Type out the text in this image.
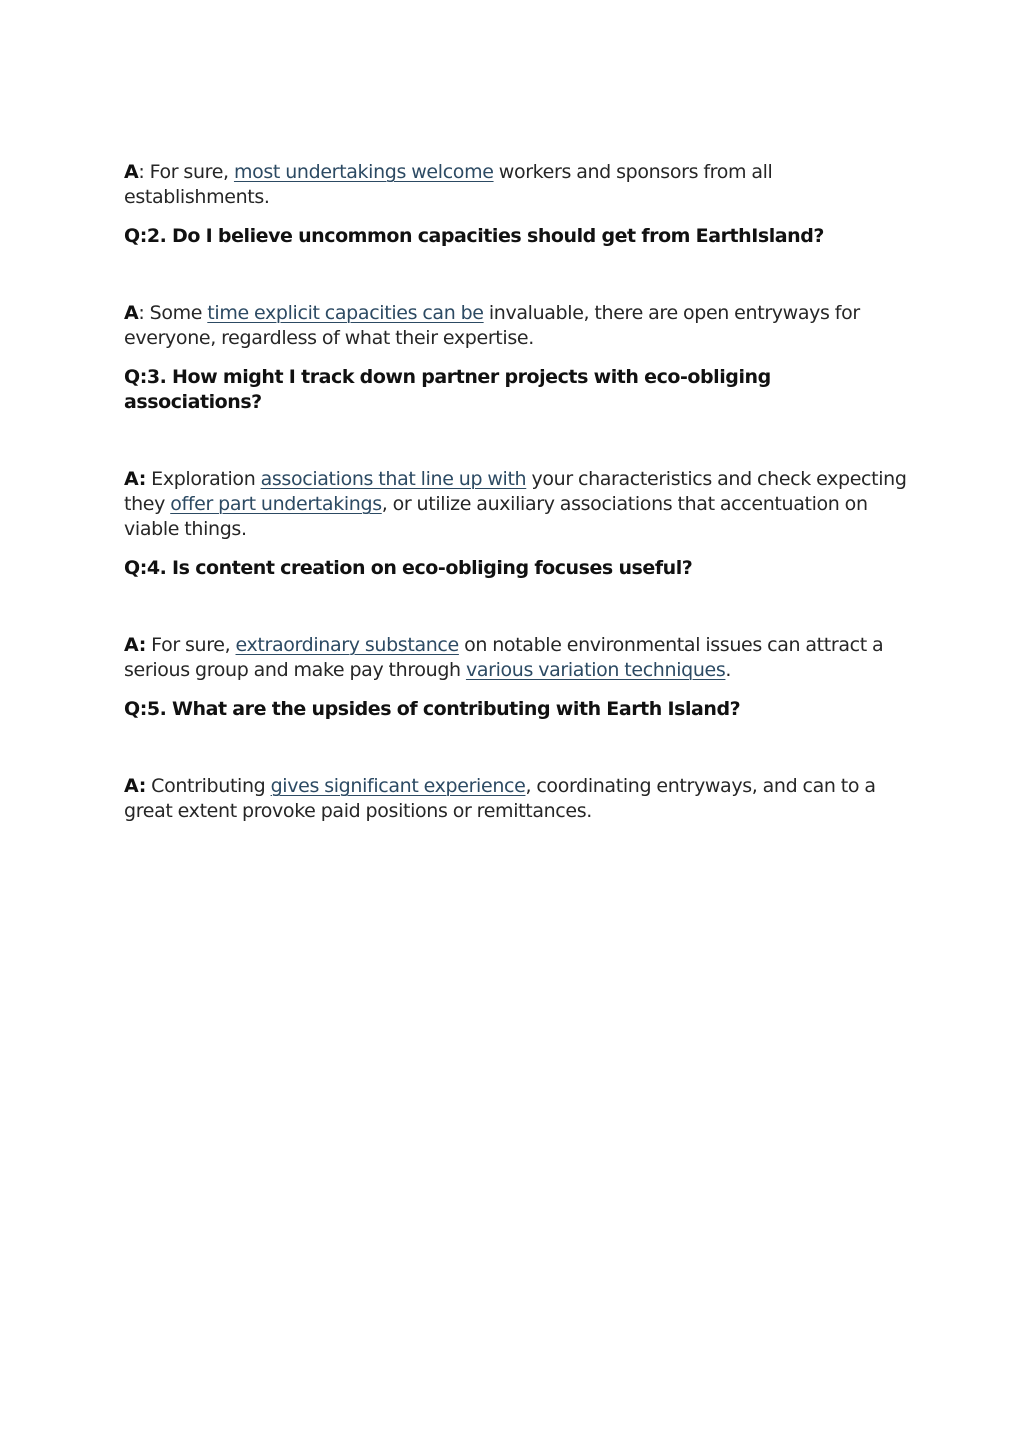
A: For sure, most undertakings welcome workers and sponsors from all establishments.

Q:2. Do I believe uncommon capacities should get from EarthIsland?

A: Some time explicit capacities can be invaluable, there are open entryways for everyone, regardless of what their expertise.

Q:3. How might I track down partner projects with eco-obliging associations?

A: Exploration associations that line up with your characteristics and check expecting they offer part undertakings, or utilize auxiliary associations that accentuation on viable things.

Q:4. Is content creation on eco-obliging focuses useful?

A: For sure, extraordinary substance on notable environmental issues can attract a serious group and make pay through various variation techniques.

Q:5. What are the upsides of contributing with Earth Island?

A: Contributing gives significant experience, coordinating entryways, and can to a great extent provoke paid positions or remittances.
